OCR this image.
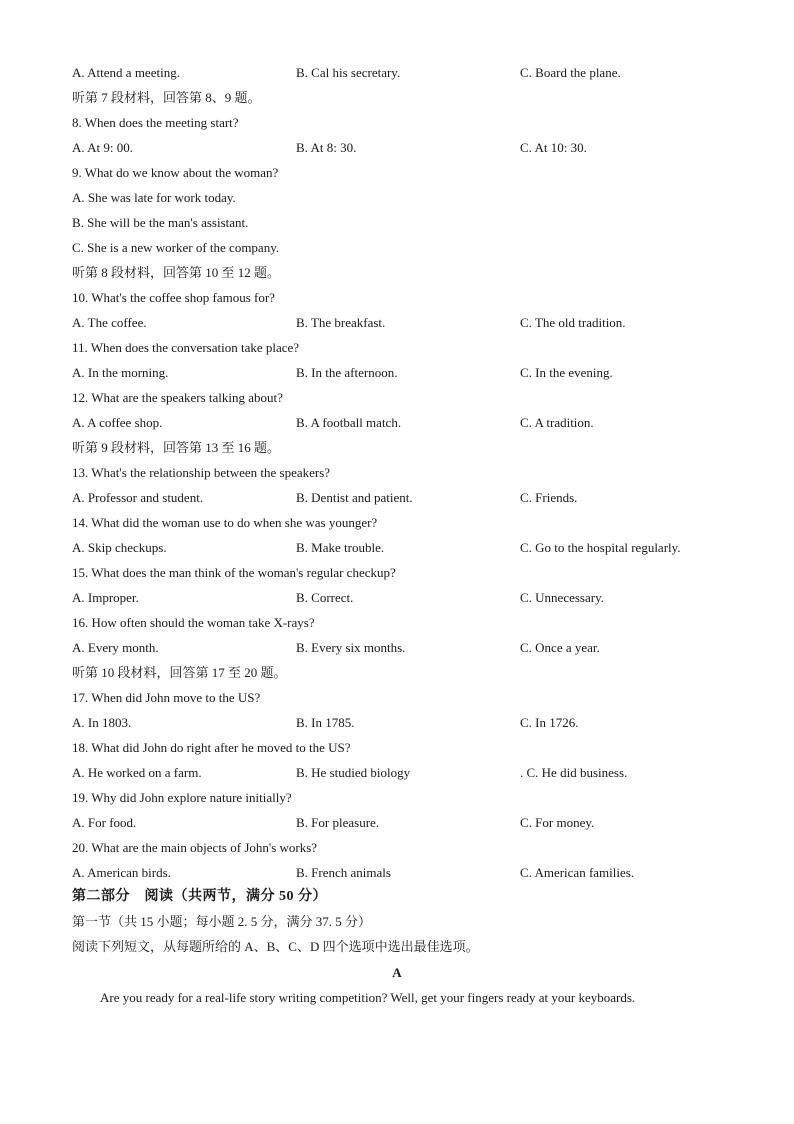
A. Attend a meeting.	B. Cal his secretary.	C. Board the plane.
听第 7 段材料，回答第 8、9 题。
8. When does the meeting start?
A. At 9: 00.	B. At 8: 30.	C. At 10: 30.
9. What do we know about the woman?
A. She was late for work today.
B. She will be the man's assistant.
C. She is a new worker of the company.
听第 8 段材料，回答第 10 至 12 题。
10. What's the coffee shop famous for?
A. The coffee.	B. The breakfast.	C. The old tradition.
11. When does the conversation take place?
A. In the morning.	B. In the afternoon.	C. In the evening.
12. What are the speakers talking about?
A. A coffee shop.	B. A football match.	C. A tradition.
听第 9 段材料，回答第 13 至 16 题。
13. What's the relationship between the speakers?
A. Professor and student.	B. Dentist and patient.	C. Friends.
14. What did the woman use to do when she was younger?
A. Skip checkups.	B. Make trouble.	C. Go to the hospital regularly.
15. What does the man think of the woman's regular checkup?
A. Improper.	B. Correct.	C. Unnecessary.
16. How often should the woman take X-rays?
A. Every month.	B. Every six months.	C. Once a year.
听第 10 段材料，回答第 17 至 20 题。
17. When did John move to the US?
A. In 1803.	B. In 1785.	C. In 1726.
18. What did John do right after he moved to the US?
A. He worked on a farm.	B. He studied biology	. C. He did business.
19. Why did John explore nature initially?
A. For food.	B. For pleasure.	C. For money.
20. What are the main objects of John's works?
A. American birds.	B. French animals	C. American families.
第二部分　阅读（共两节，满分 50 分）
第一节（共 15 小题；每小题 2. 5 分，满分 37. 5 分）
阅读下列短文，从每题所给的 A、B、C、D 四个选项中选出最佳选项。
A
Are you ready for a real-life story writing competition? Well, get your fingers ready at your keyboards.
